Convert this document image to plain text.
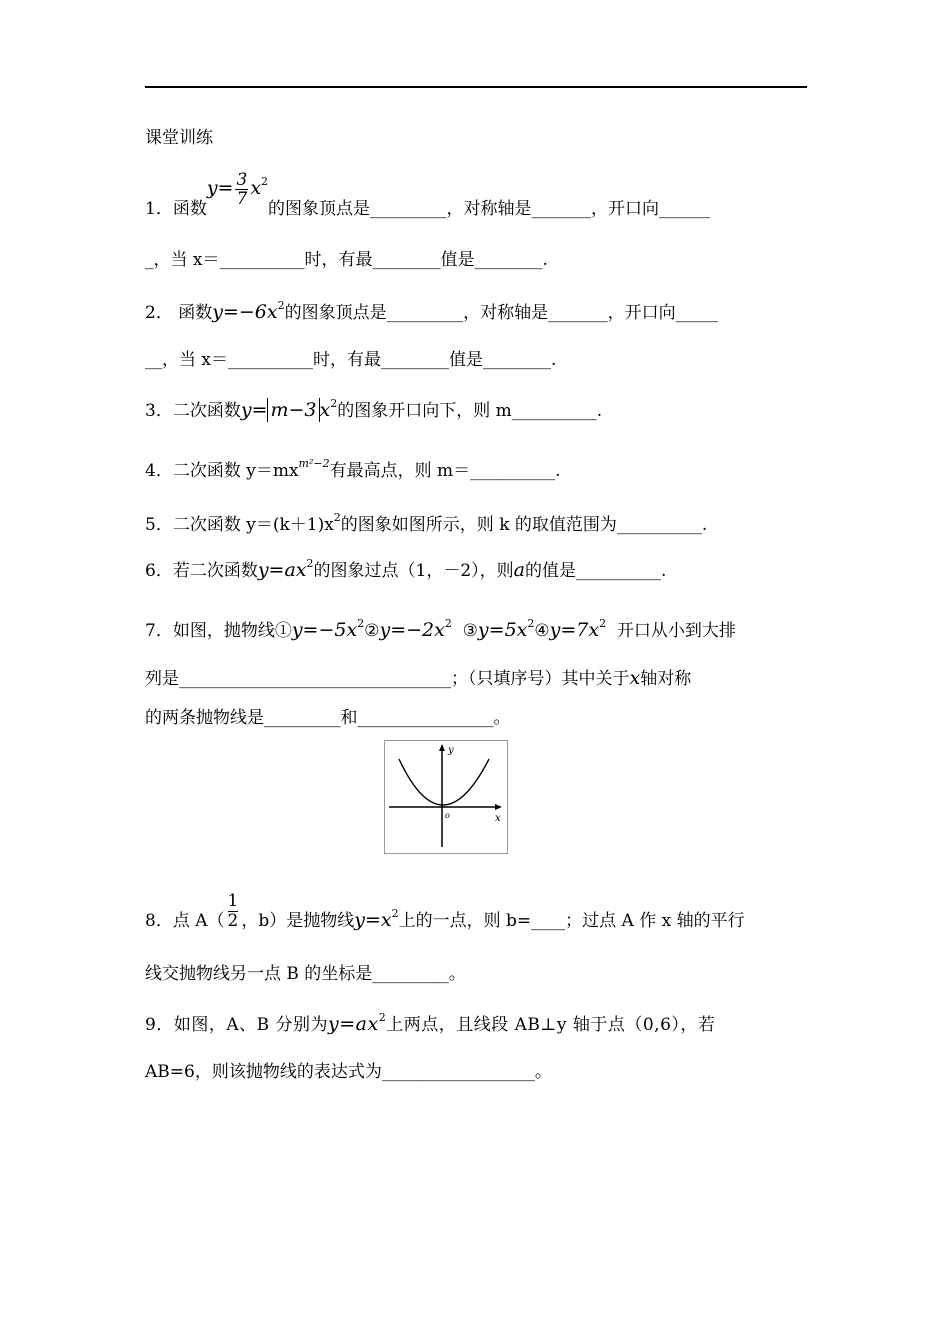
课堂训练
1．函数$y= \frac{3}{7} x^2$的图象顶点是_________，对称轴是_______，开口向______
_，当 x＝__________时，有最________值是________.
2． 函数$y=-6x^2$的图象顶点是_________，对称轴是_______，开口向_____
__，当 x＝__________时，有最________值是________.
3．二次函数y= m−3 $x^2$的图象开口向下，则 m__________.
4．二次函数 $y=mx^{m^2-2}$有最高点，则 m＝__________.
5．二次函数 $y=(k+1)x^2$的图象如图所示，则 k 的取值范围为__________.
6．若二次函数$y=ax^2$的图象过点（1，－2），则a的值是__________.
7．如图，抛物线$①y=-5x^2②y=-2x^2$ $③y=5x^2④y=7x^2$ 开口从小到大排
列是________________________________；（只填序号）其中关于x轴对称
的两条抛物线是_________和________________。
y
x
o
8．点 $A( \frac{1}{2}$ ，b）是抛物线$y=x^2$上的一点，则 b=____；过点 A 作 x 轴的平行
线交抛物线另一点 B 的坐标是_________。
9．如图，A、B 分别为$y=ax^2$上两点，且线段 AB⊥y 轴于点（0,6），若
AB=6，则该抛物线的表达式为__________________。
